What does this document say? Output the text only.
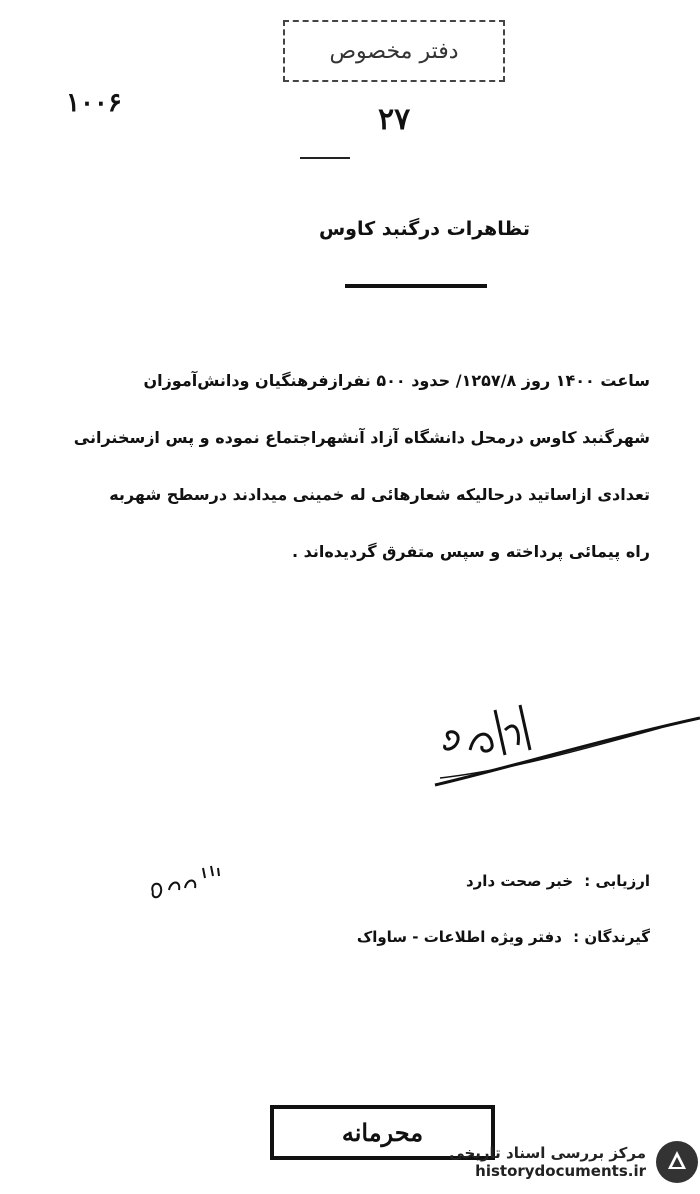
دفتر مخصوص
۱۰۰۶	۲۷
تظاهرات درگنبد کاوس
ساعت ۱۴۰۰ روز ۱۲۵۷/۸/ حدود ۵۰۰ نفرازفرهنگیان ودانش‌آموزان
شهرگنبد کاوس درمحل دانشگاه آزاد آنشهراجتماع نموده و پس ازسخنرانی
تعدادی ازاساتید درحالیکه شعارهائی له خمینی میدادند درسطح شهربه
راه پیمائی پرداخته و سپس متفرق گردیده‌اند .
ارزیابی : خبر صحت دارد
گیرندگان : دفتر ویژه اطلاعات - ساواک
محرمانه
مرکز بررسی اسناد تاریخی
historydocuments.ir
